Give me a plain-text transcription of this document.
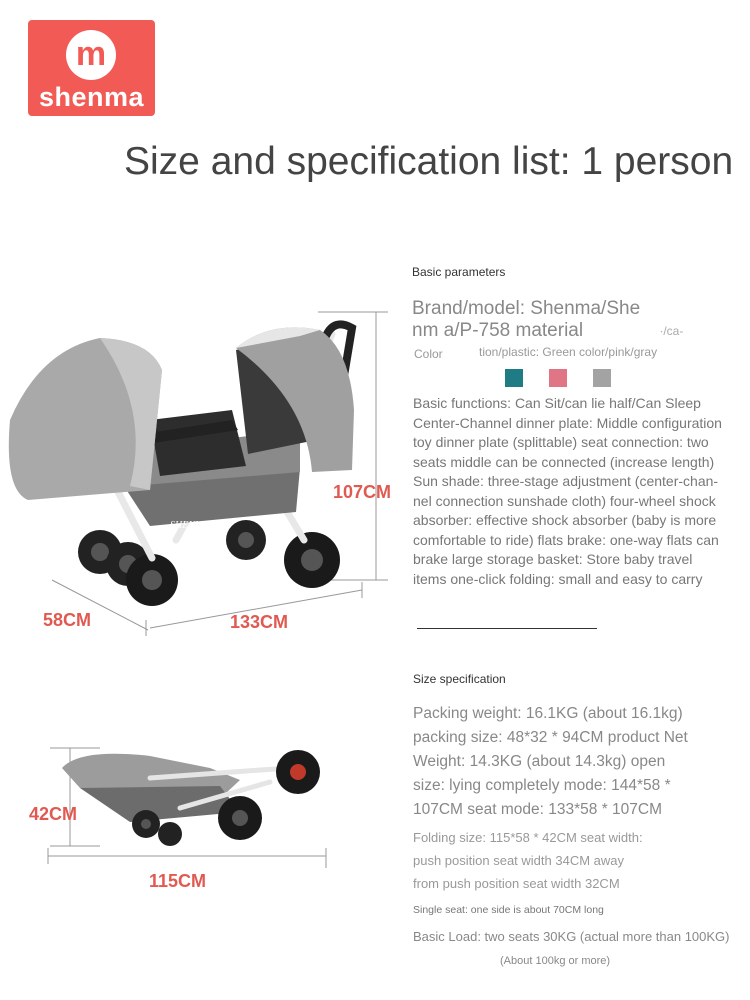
m
shenma
Size and specification list: 1 person
SHENMA
107CM
58CM	133CM
42CM
115CM
Basic parameters
Brand/model: Shenma/She
nm a/P-758 material	∙/ca-
Color	tion/plastic: Green color/pink/gray
Basic functions: Can Sit/can lie half/Can Sleep
Center-Channel dinner plate: Middle configuration
toy dinner plate (splittable) seat connection: two
seats middle can be connected (increase length)
Sun shade: three-stage adjustment (center-chan-
nel connection sunshade cloth) four-wheel shock
absorber: effective shock absorber (baby is more
comfortable to ride) flats brake: one-way flats can
brake large storage basket: Store baby travel
items one-click folding: small and easy to carry
Size specification
Packing weight: 16.1KG (about 16.1kg)
packing size: 48*32 * 94CM product Net
Weight: 14.3KG (about 14.3kg) open
size: lying completely mode: 144*58 *
107CM seat mode: 133*58 * 107CM
Folding size: 115*58 * 42CM seat width:
push position seat width 34CM away
from push position seat width 32CM
Single seat: one side is about 70CM long
Basic Load: two seats 30KG (actual more than 100KG)
(About 100kg or more)
